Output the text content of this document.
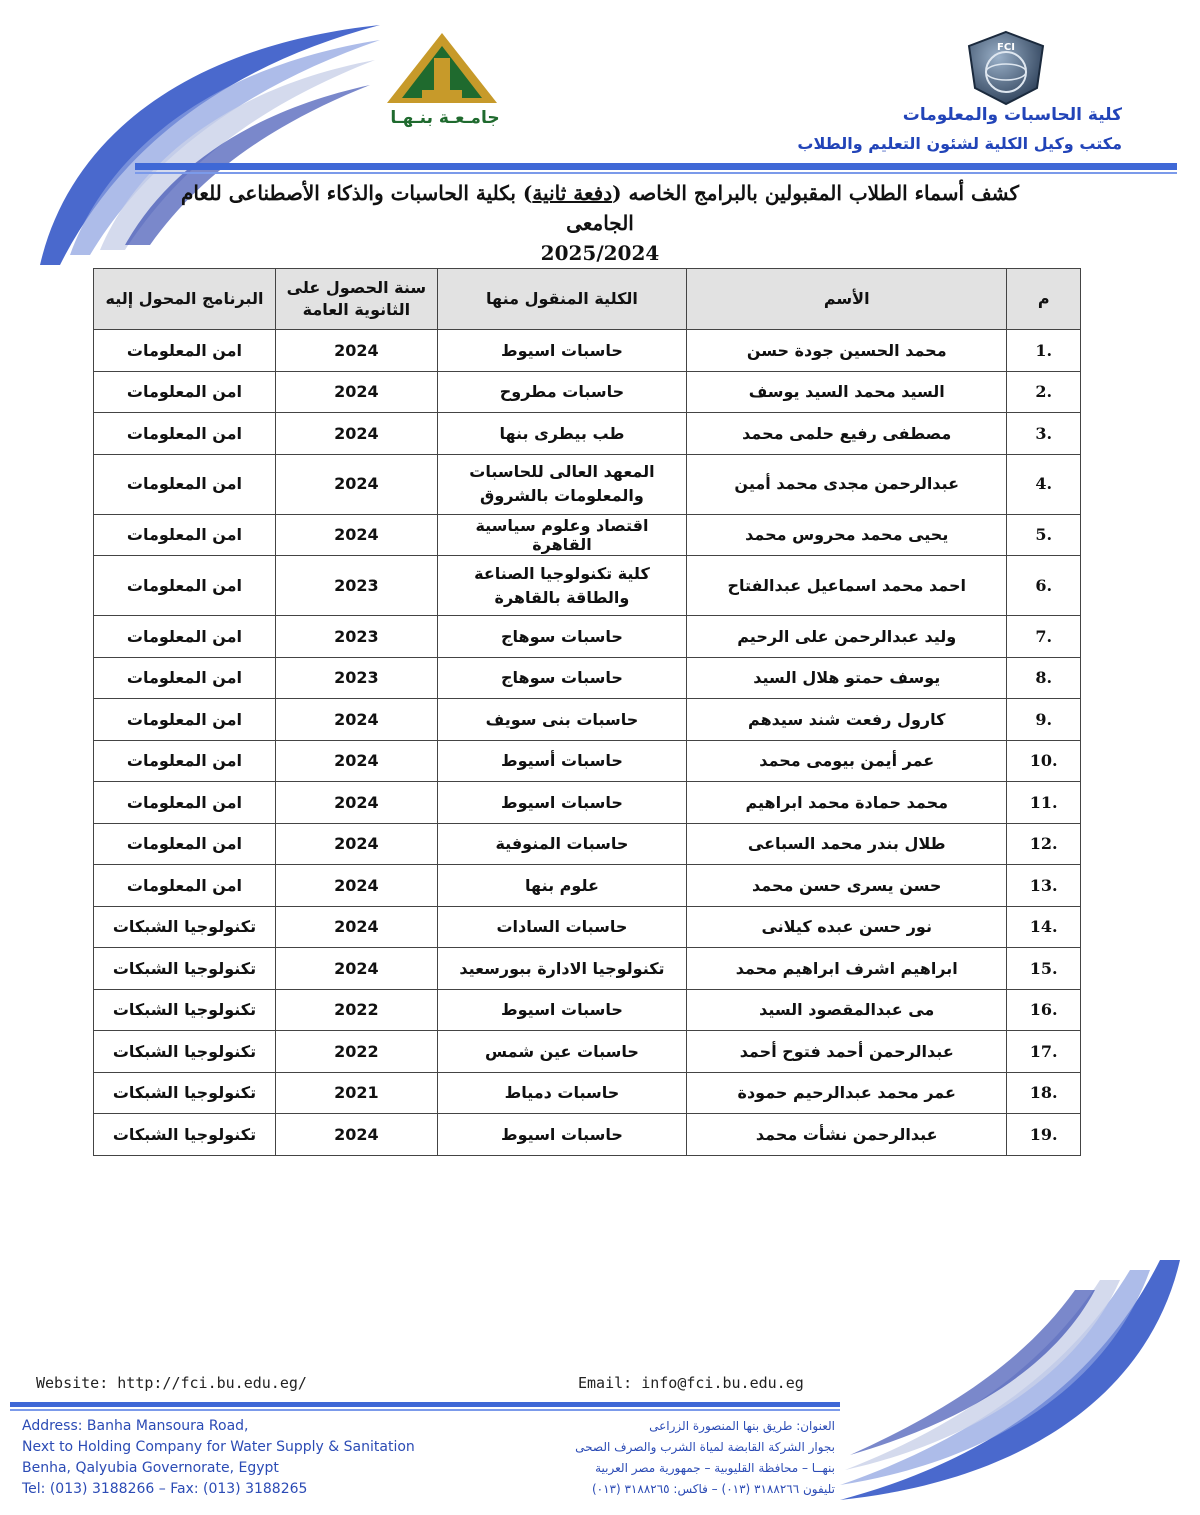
جامـعـة بنـهـا
FCI
كلية الحاسبات والمعلومات
مكتب وكيل الكلية لشئون التعليم والطلاب
كشف أسماء الطلاب المقبولين بالبرامج الخاصه (دفعة ثانية) بكلية الحاسبات والذكاء الأصطناعى للعام الجامعى
2025/2024
م	الأسم	الكلية المنقول منها	سنة الحصول على الثانوية العامة	البرنامج المحول إليه
1.	محمد الحسين جودة حسن	حاسبات اسيوط	2024	امن المعلومات
2.	السيد محمد السيد يوسف	حاسبات مطروح	2024	امن المعلومات
3.	مصطفى رفيع حلمى محمد	طب بيطرى بنها	2024	امن المعلومات
4.	عبدالرحمن مجدى محمد أمين	المعهد العالى للحاسبات والمعلومات بالشروق	2024	امن المعلومات
5.	يحيى محمد محروس محمد	اقتصاد وعلوم سياسية القاهرة	2024	امن المعلومات
6.	احمد محمد اسماعيل عبدالفتاح	كلية تكنولوجيا الصناعة والطاقة بالقاهرة	2023	امن المعلومات
7.	وليد عبدالرحمن على الرحيم	حاسبات سوهاج	2023	امن المعلومات
8.	يوسف حمتو هلال السيد	حاسبات سوهاج	2023	امن المعلومات
9.	كارول رفعت شند سيدهم	حاسبات بنى سويف	2024	امن المعلومات
10.	عمر أيمن بيومى محمد	حاسبات أسيوط	2024	امن المعلومات
11.	محمد حمادة محمد ابراهيم	حاسبات اسيوط	2024	امن المعلومات
12.	طلال بندر محمد السباعى	حاسبات المنوفية	2024	امن المعلومات
13.	حسن يسرى حسن محمد	علوم بنها	2024	امن المعلومات
14.	نور حسن عبده كيلانى	حاسبات السادات	2024	تكنولوجيا الشبكات
15.	ابراهيم اشرف ابراهيم محمد	تكنولوجيا الادارة ببورسعيد	2024	تكنولوجيا الشبكات
16.	مى عبدالمقصود السيد	حاسبات اسيوط	2022	تكنولوجيا الشبكات
17.	عبدالرحمن أحمد فتوح أحمد	حاسبات عين شمس	2022	تكنولوجيا الشبكات
18.	عمر محمد عبدالرحيم حمودة	حاسبات دمياط	2021	تكنولوجيا الشبكات
19.	عبدالرحمن نشأت محمد	حاسبات اسيوط	2024	تكنولوجيا الشبكات
Website: http://fci.bu.edu.eg/	Email: info@fci.bu.edu.eg
Address: Banha Mansoura Road,
Next to Holding Company for Water Supply & Sanitation
Benha, Qalyubia Governorate, Egypt
Tel: (013) 3188266 – Fax: (013) 3188265
العنوان: طريق بنها المنصورة الزراعى
بجوار الشركة القابضة لمياة الشرب والصرف الصحى
بنهــا – محافظة القليوبية – جمهورية مصر العربية
تليفون ٣١٨٨٢٦٦ (٠١٣) – فاكس: ٣١٨٨٢٦٥ (٠١٣)
